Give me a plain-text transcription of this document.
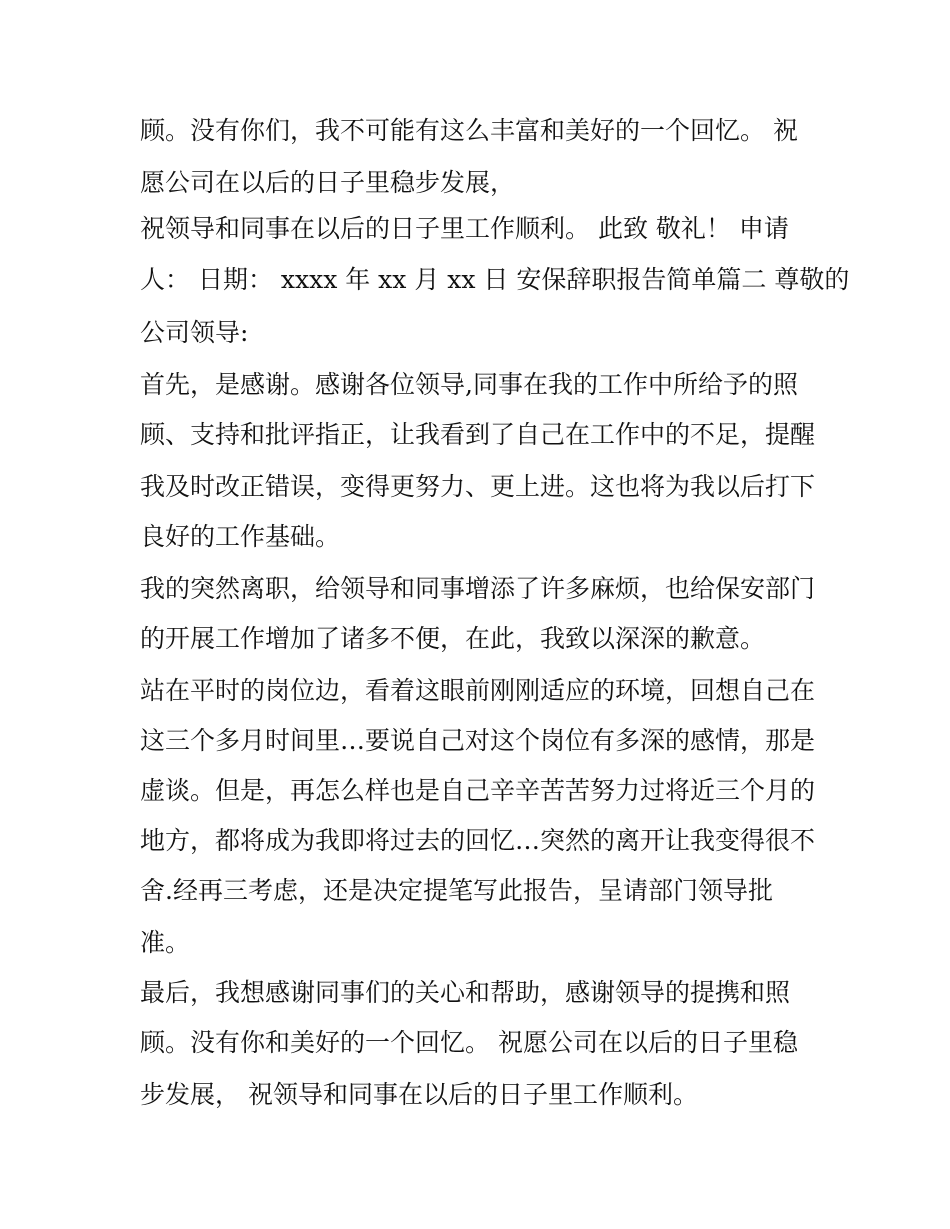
顾。没有你们，我不可能有这么丰富和美好的一个回忆。 祝
愿公司在以后的日子里稳步发展，
祝领导和同事在以后的日子里工作顺利。 此致 敬礼！ 申请
人： 日期： xxxx 年 xx 月 xx 日 安保辞职报告简单篇二 尊敬的
公司领导:
首先，是感谢。感谢各位领导,同事在我的工作中所给予的照
顾、支持和批评指正，让我看到了自己在工作中的不足，提醒
我及时改正错误，变得更努力、更上进。这也将为我以后打下
良好的工作基础。
我的突然离职，给领导和同事增添了许多麻烦，也给保安部门
的开展工作增加了诸多不便，在此，我致以深深的歉意。
站在平时的岗位边，看着这眼前刚刚适应的环境，回想自己在
这三个多月时间里…要说自己对这个岗位有多深的感情，那是
虚谈。但是，再怎么样也是自己辛辛苦苦努力过将近三个月的
地方，都将成为我即将过去的回忆…突然的离开让我变得很不
舍.经再三考虑，还是决定提笔写此报告，呈请部门领导批
准。
最后，我想感谢同事们的关心和帮助，感谢领导的提携和照
顾。没有你和美好的一个回忆。 祝愿公司在以后的日子里稳
步发展， 祝领导和同事在以后的日子里工作顺利。
